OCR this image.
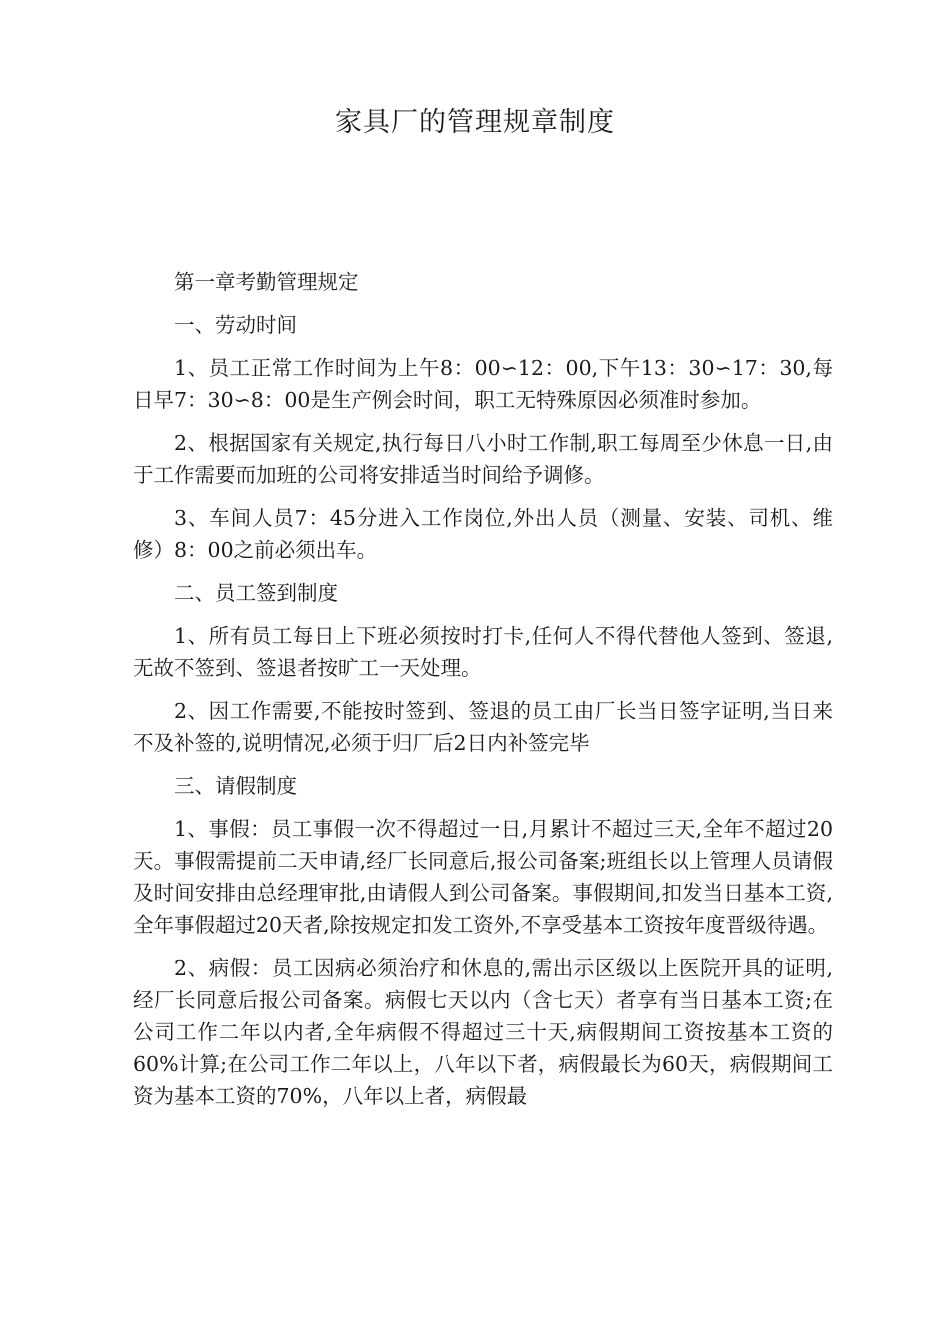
家具厂的管理规章制度

第一章考勤管理规定

一、劳动时间

1、员工正常工作时间为上午8：00∽12：00,下午13：30∽17：30,每日早7：30∽8：00是生产例会时间，职工无特殊原因必须准时参加。

2、根据国家有关规定,执行每日八小时工作制,职工每周至少休息一日,由于工作需要而加班的公司将安排适当时间给予调修。

3、车间人员7：45分进入工作岗位,外出人员（测量、安装、司机、维修）8：00之前必须出车。

二、员工签到制度

1、所有员工每日上下班必须按时打卡,任何人不得代替他人签到、签退,无故不签到、签退者按旷工一天处理。

2、因工作需要,不能按时签到、签退的员工由厂长当日签字证明,当日来不及补签的,说明情况,必须于归厂后2日内补签完毕

三、请假制度

1、事假：员工事假一次不得超过一日,月累计不超过三天,全年不超过20天。事假需提前二天申请,经厂长同意后,报公司备案;班组长以上管理人员请假及时间安排由总经理审批,由请假人到公司备案。事假期间,扣发当日基本工资,全年事假超过20天者,除按规定扣发工资外,不享受基本工资按年度晋级待遇。

2、病假：员工因病必须治疗和休息的,需出示区级以上医院开具的证明,经厂长同意后报公司备案。病假七天以内（含七天）者享有当日基本工资;在公司工作二年以内者,全年病假不得超过三十天,病假期间工资按基本工资的60%计算;在公司工作二年以上，八年以下者，病假最长为60天，病假期间工资为基本工资的70%，八年以上者，病假最
